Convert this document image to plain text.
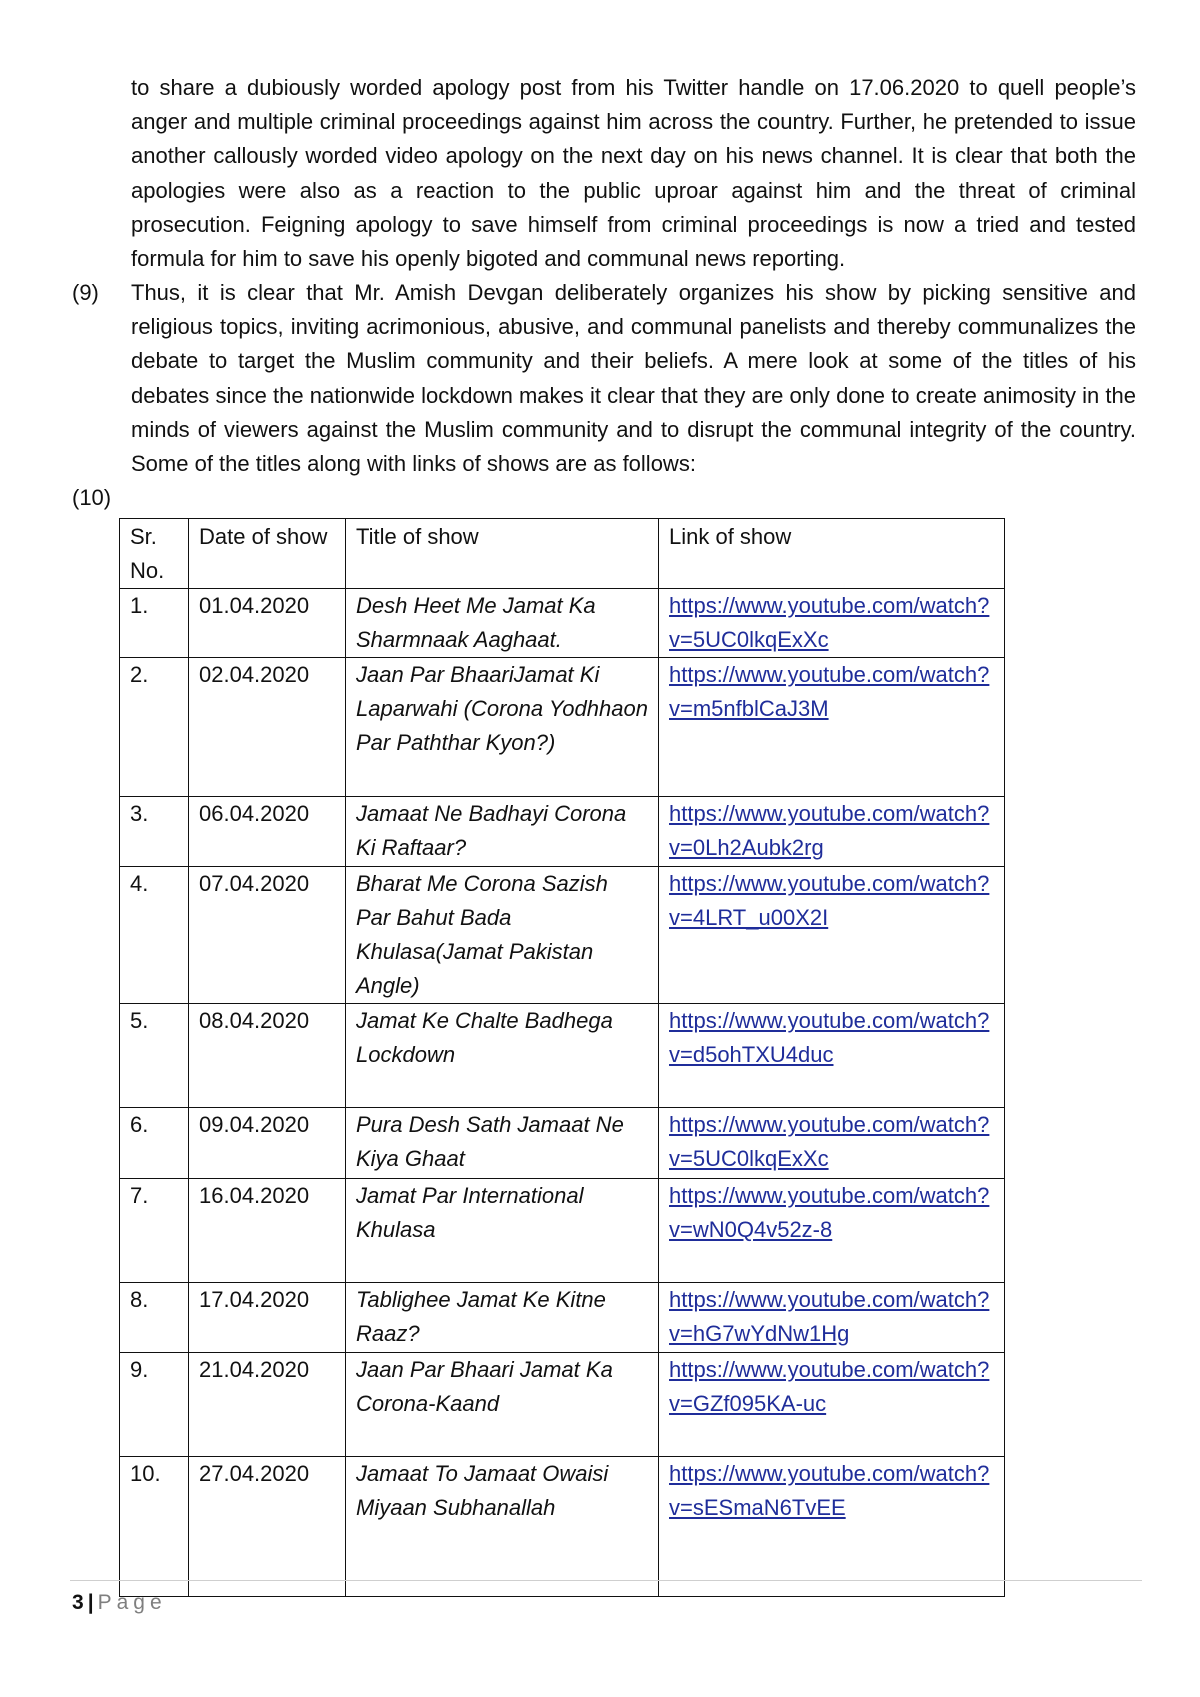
to share a dubiously worded apology post from his Twitter handle on 17.06.2020 to quell people’s anger and multiple criminal proceedings against him across the country. Further, he pretended to issue another callously worded video apology on the next day on his news channel. It is clear that both the apologies were also as a reaction to the public uproar against him and the threat of criminal prosecution. Feigning apology to save himself from criminal proceedings is now a tried and tested formula for him to save his openly bigoted and communal news reporting.

(9) Thus, it is clear that Mr. Amish Devgan deliberately organizes his show by picking sensitive and religious topics, inviting acrimonious, abusive, and communal panelists and thereby communalizes the debate to target the Muslim community and their beliefs. A mere look at some of the titles of his debates since the nationwide lockdown makes it clear that they are only done to create animosity in the minds of viewers against the Muslim community and to disrupt the communal integrity of the country. Some of the titles along with links of shows are as follows:

(10)
Sr. No.	Date of show	Title of show	Link of show
1.	01.04.2020	Desh Heet Me Jamat Ka Sharmnaak Aaghaat.	https://www.youtube.com/watch?v=5UC0lkqExXc
2.	02.04.2020	Jaan Par BhaariJamat Ki Laparwahi (Corona Yodhhaon Par Paththar Kyon?)	https://www.youtube.com/watch?v=m5nfblCaJ3M
3.	06.04.2020	Jamaat Ne Badhayi Corona Ki Raftaar?	https://www.youtube.com/watch?v=0Lh2Aubk2rg
4.	07.04.2020	Bharat Me Corona Sazish Par Bahut Bada Khulasa(Jamat Pakistan Angle)	https://www.youtube.com/watch?v=4LRT_u00X2I
5.	08.04.2020	Jamat Ke Chalte Badhega Lockdown	https://www.youtube.com/watch?v=d5ohTXU4duc
6.	09.04.2020	Pura Desh Sath Jamaat Ne Kiya Ghaat	https://www.youtube.com/watch?v=5UC0lkqExXc
7.	16.04.2020	Jamat Par International Khulasa	https://www.youtube.com/watch?v=wN0Q4v52z-8
8.	17.04.2020	Tablighee Jamat Ke Kitne Raaz?	https://www.youtube.com/watch?v=hG7wYdNw1Hg
9.	21.04.2020	Jaan Par Bhaari Jamat Ka Corona-Kaand	https://www.youtube.com/watch?v=GZf095KA-uc
10.	27.04.2020	Jamaat To Jamaat Owaisi Miyaan Subhanallah	https://www.youtube.com/watch?v=sESmaN6TvEE
3 | Page
